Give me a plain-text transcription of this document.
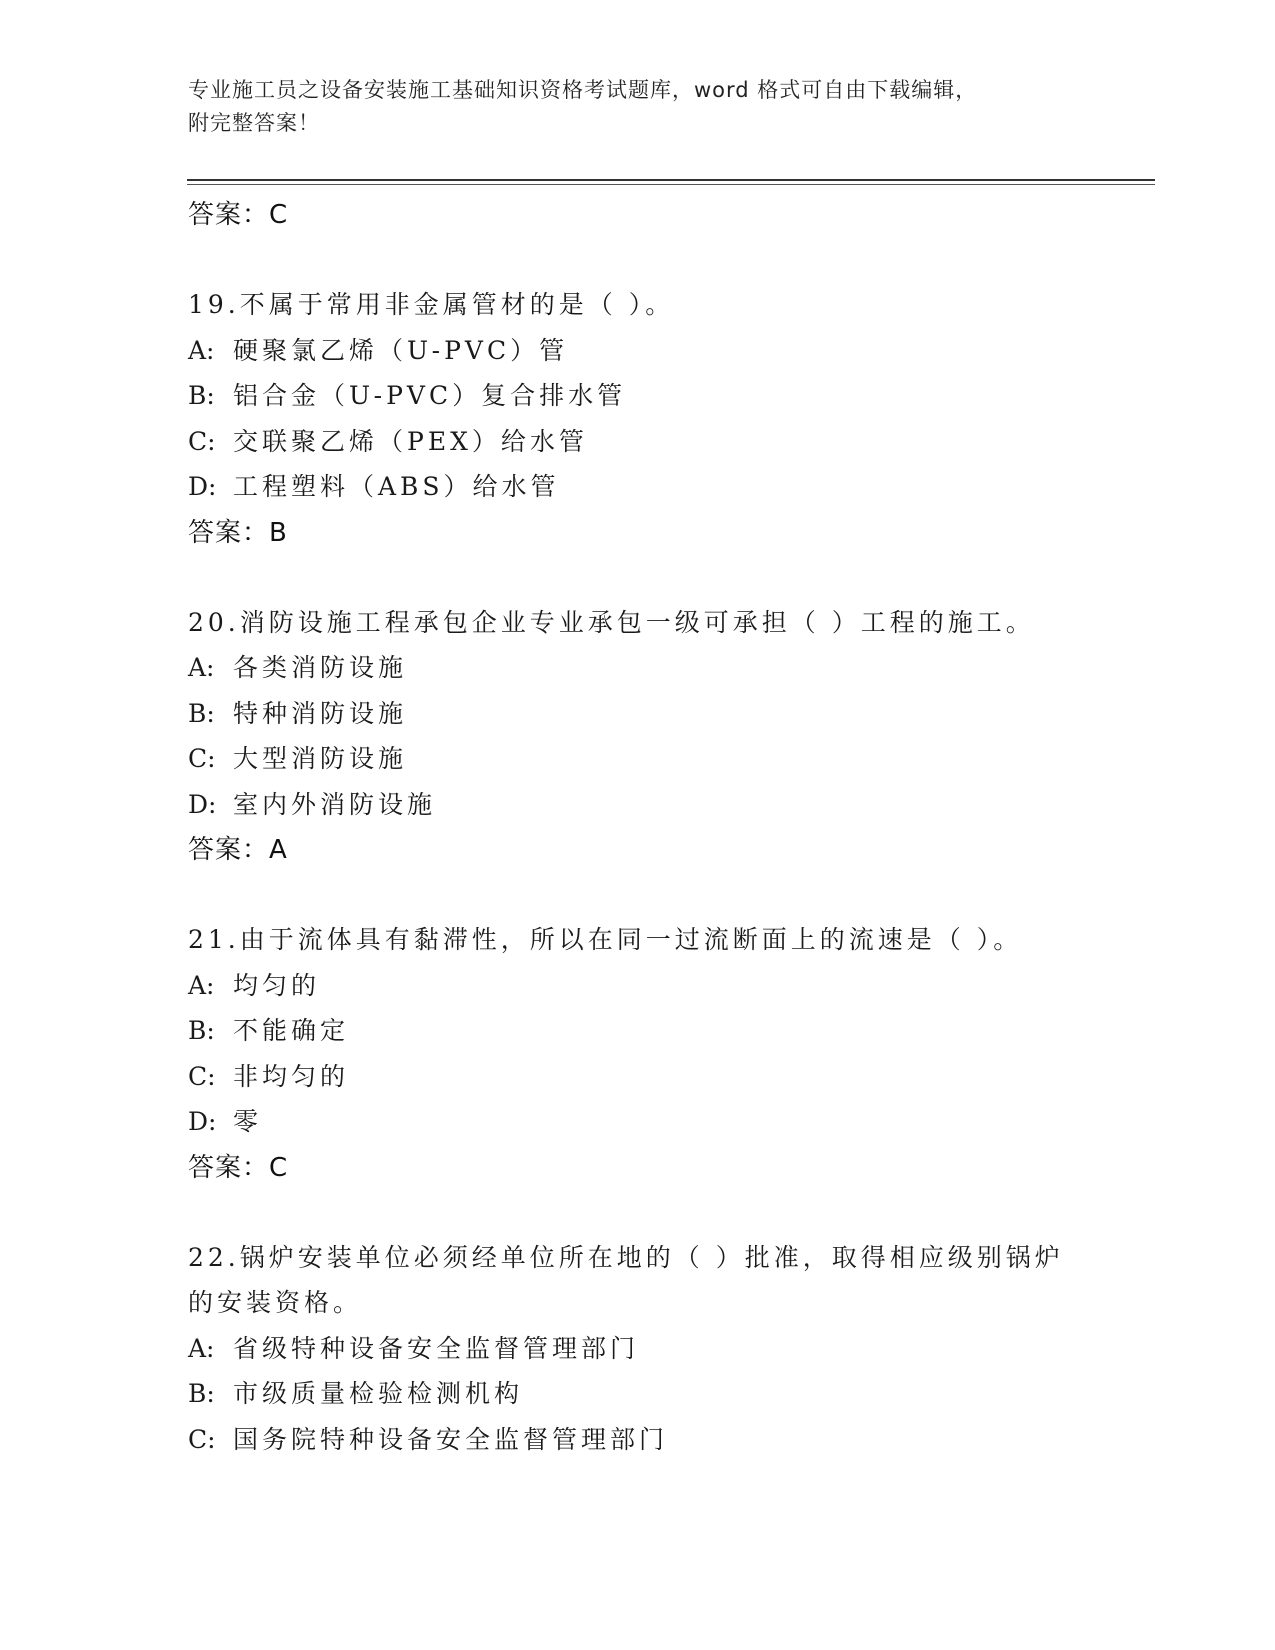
专业施工员之设备安装施工基础知识资格考试题库，word 格式可自由下载编辑，
附完整答案！
答案：C
19.不属于常用非金属管材的是（ ）。
A: 硬聚氯乙烯（U-PVC）管
B: 铝合金（U-PVC）复合排水管
C: 交联聚乙烯（PEX）给水管
D: 工程塑料（ABS）给水管
答案：B
20.消防设施工程承包企业专业承包一级可承担（ ）工程的施工。
A: 各类消防设施
B: 特种消防设施
C: 大型消防设施
D: 室内外消防设施
答案：A
21.由于流体具有黏滞性，所以在同一过流断面上的流速是（ ）。
A: 均匀的
B: 不能确定
C: 非均匀的
D: 零
答案：C
22.锅炉安装单位必须经单位所在地的（ ）批准，取得相应级别锅炉
的安装资格。
A: 省级特种设备安全监督管理部门
B: 市级质量检验检测机构
C: 国务院特种设备安全监督管理部门
